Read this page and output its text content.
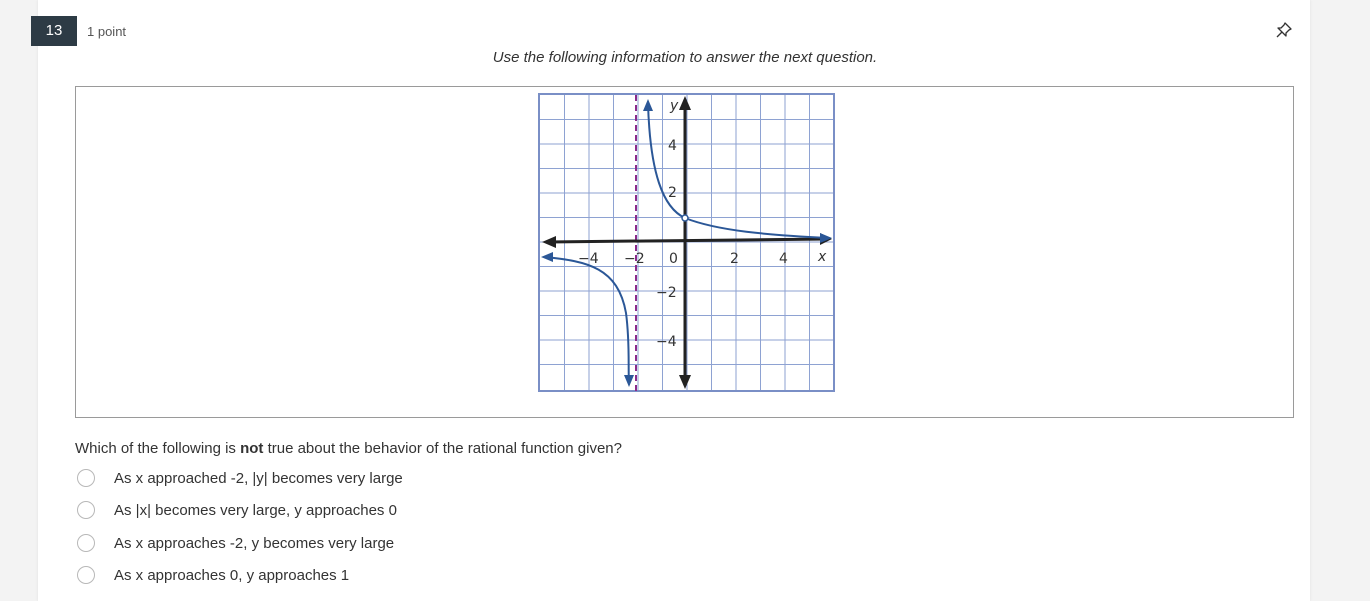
13	1 point
Use the following information to answer the next question.
y
x
−4 −2 0	2	4
4
2
−2
−4
Which of the following is not true about the behavior of the rational function given?
As x approached -2, |y| becomes very large
As |x| becomes very large, y approaches 0
As x approaches -2, y becomes very large
As x approaches 0, y approaches 1
